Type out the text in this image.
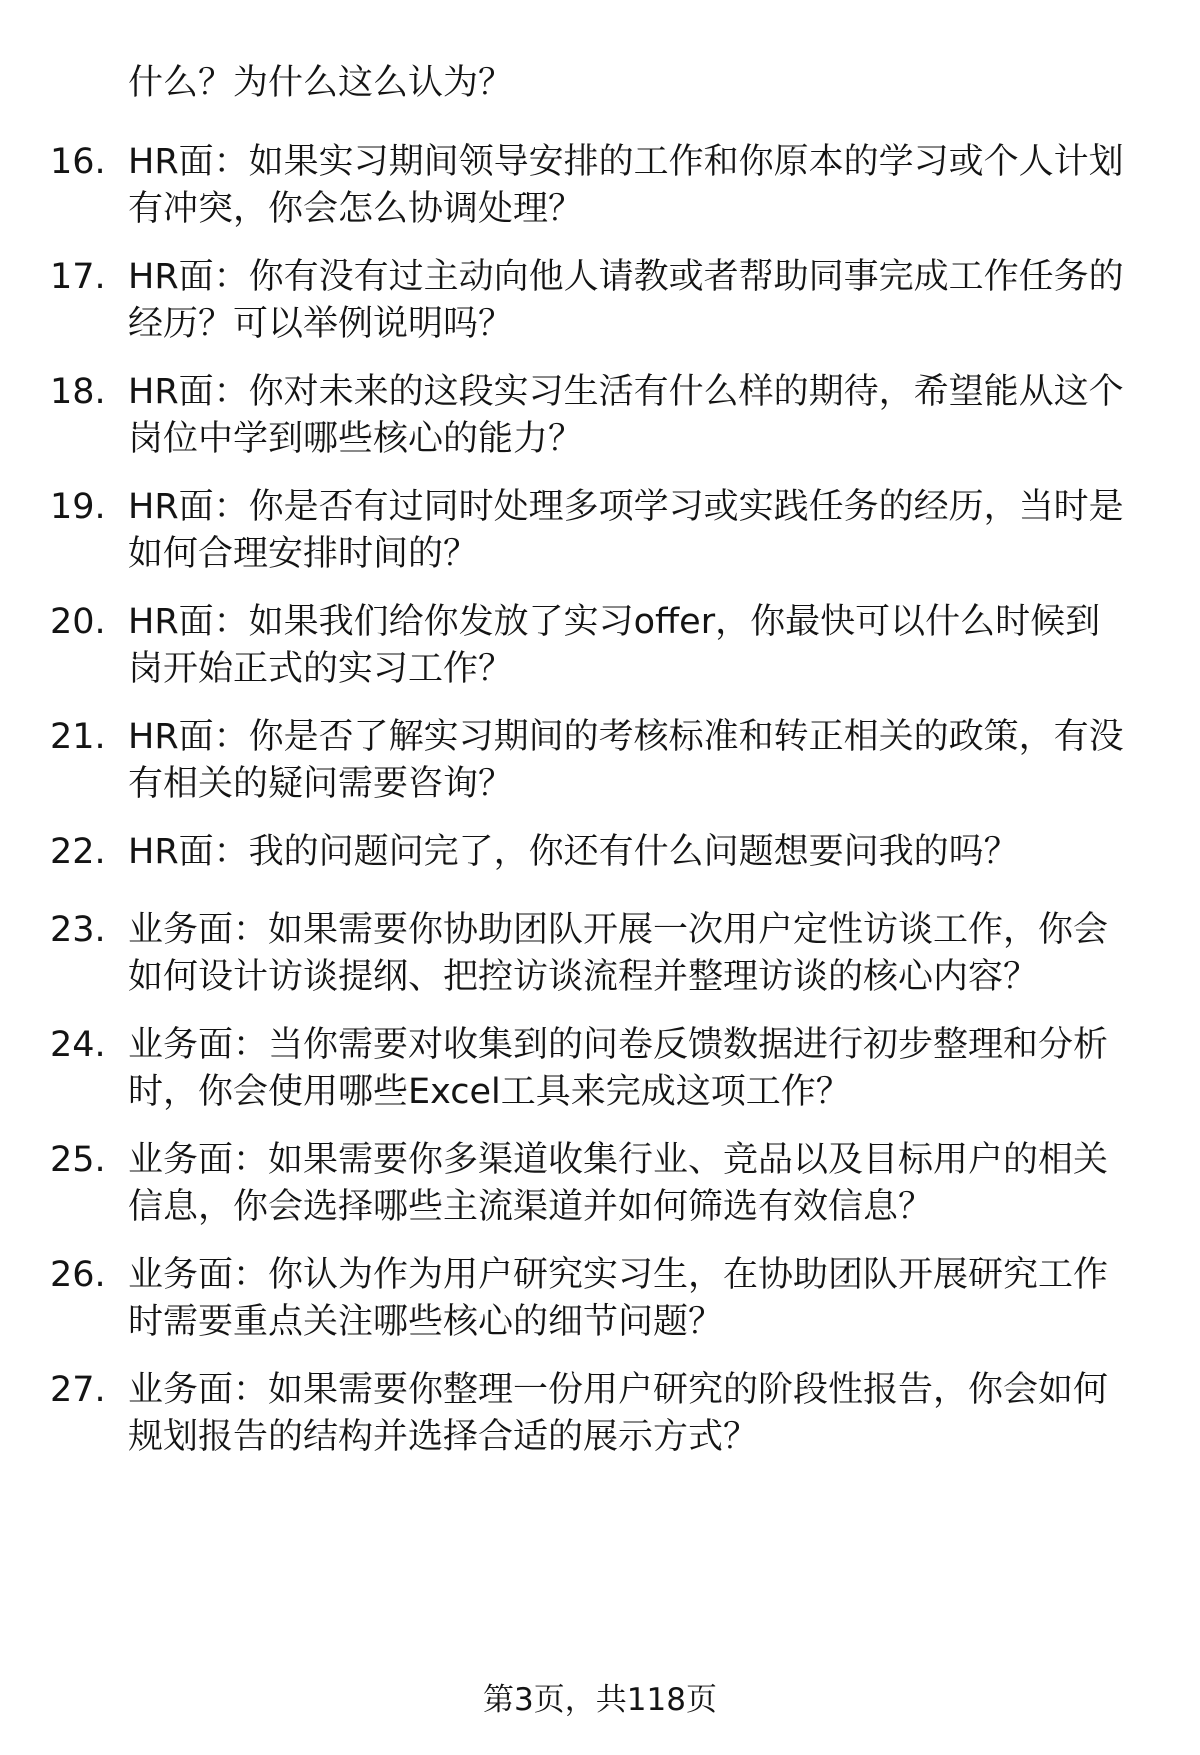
什么？为什么这么认为？
16. HR面：如果实习期间领导安排的工作和你原本的学习或个人计划
有冲突，你会怎么协调处理？
17. HR面：你有没有过主动向他人请教或者帮助同事完成工作任务的
经历？可以举例说明吗？
18. HR面：你对未来的这段实习生活有什么样的期待，希望能从这个
岗位中学到哪些核心的能力？
19. HR面：你是否有过同时处理多项学习或实践任务的经历，当时是
如何合理安排时间的？
20. HR面：如果我们给你发放了实习offer，你最快可以什么时候到
岗开始正式的实习工作？
21. HR面：你是否了解实习期间的考核标准和转正相关的政策，有没
有相关的疑问需要咨询？
22. HR面：我的问题问完了，你还有什么问题想要问我的吗？
23. 业务面：如果需要你协助团队开展一次用户定性访谈工作，你会
如何设计访谈提纲、把控访谈流程并整理访谈的核心内容？
24. 业务面：当你需要对收集到的问卷反馈数据进行初步整理和分析
时，你会使用哪些Excel工具来完成这项工作？
25. 业务面：如果需要你多渠道收集行业、竞品以及目标用户的相关
信息，你会选择哪些主流渠道并如何筛选有效信息？
26. 业务面：你认为作为用户研究实习生，在协助团队开展研究工作
时需要重点关注哪些核心的细节问题？
27. 业务面：如果需要你整理一份用户研究的阶段性报告，你会如何
规划报告的结构并选择合适的展示方式？
第3页，共118页
